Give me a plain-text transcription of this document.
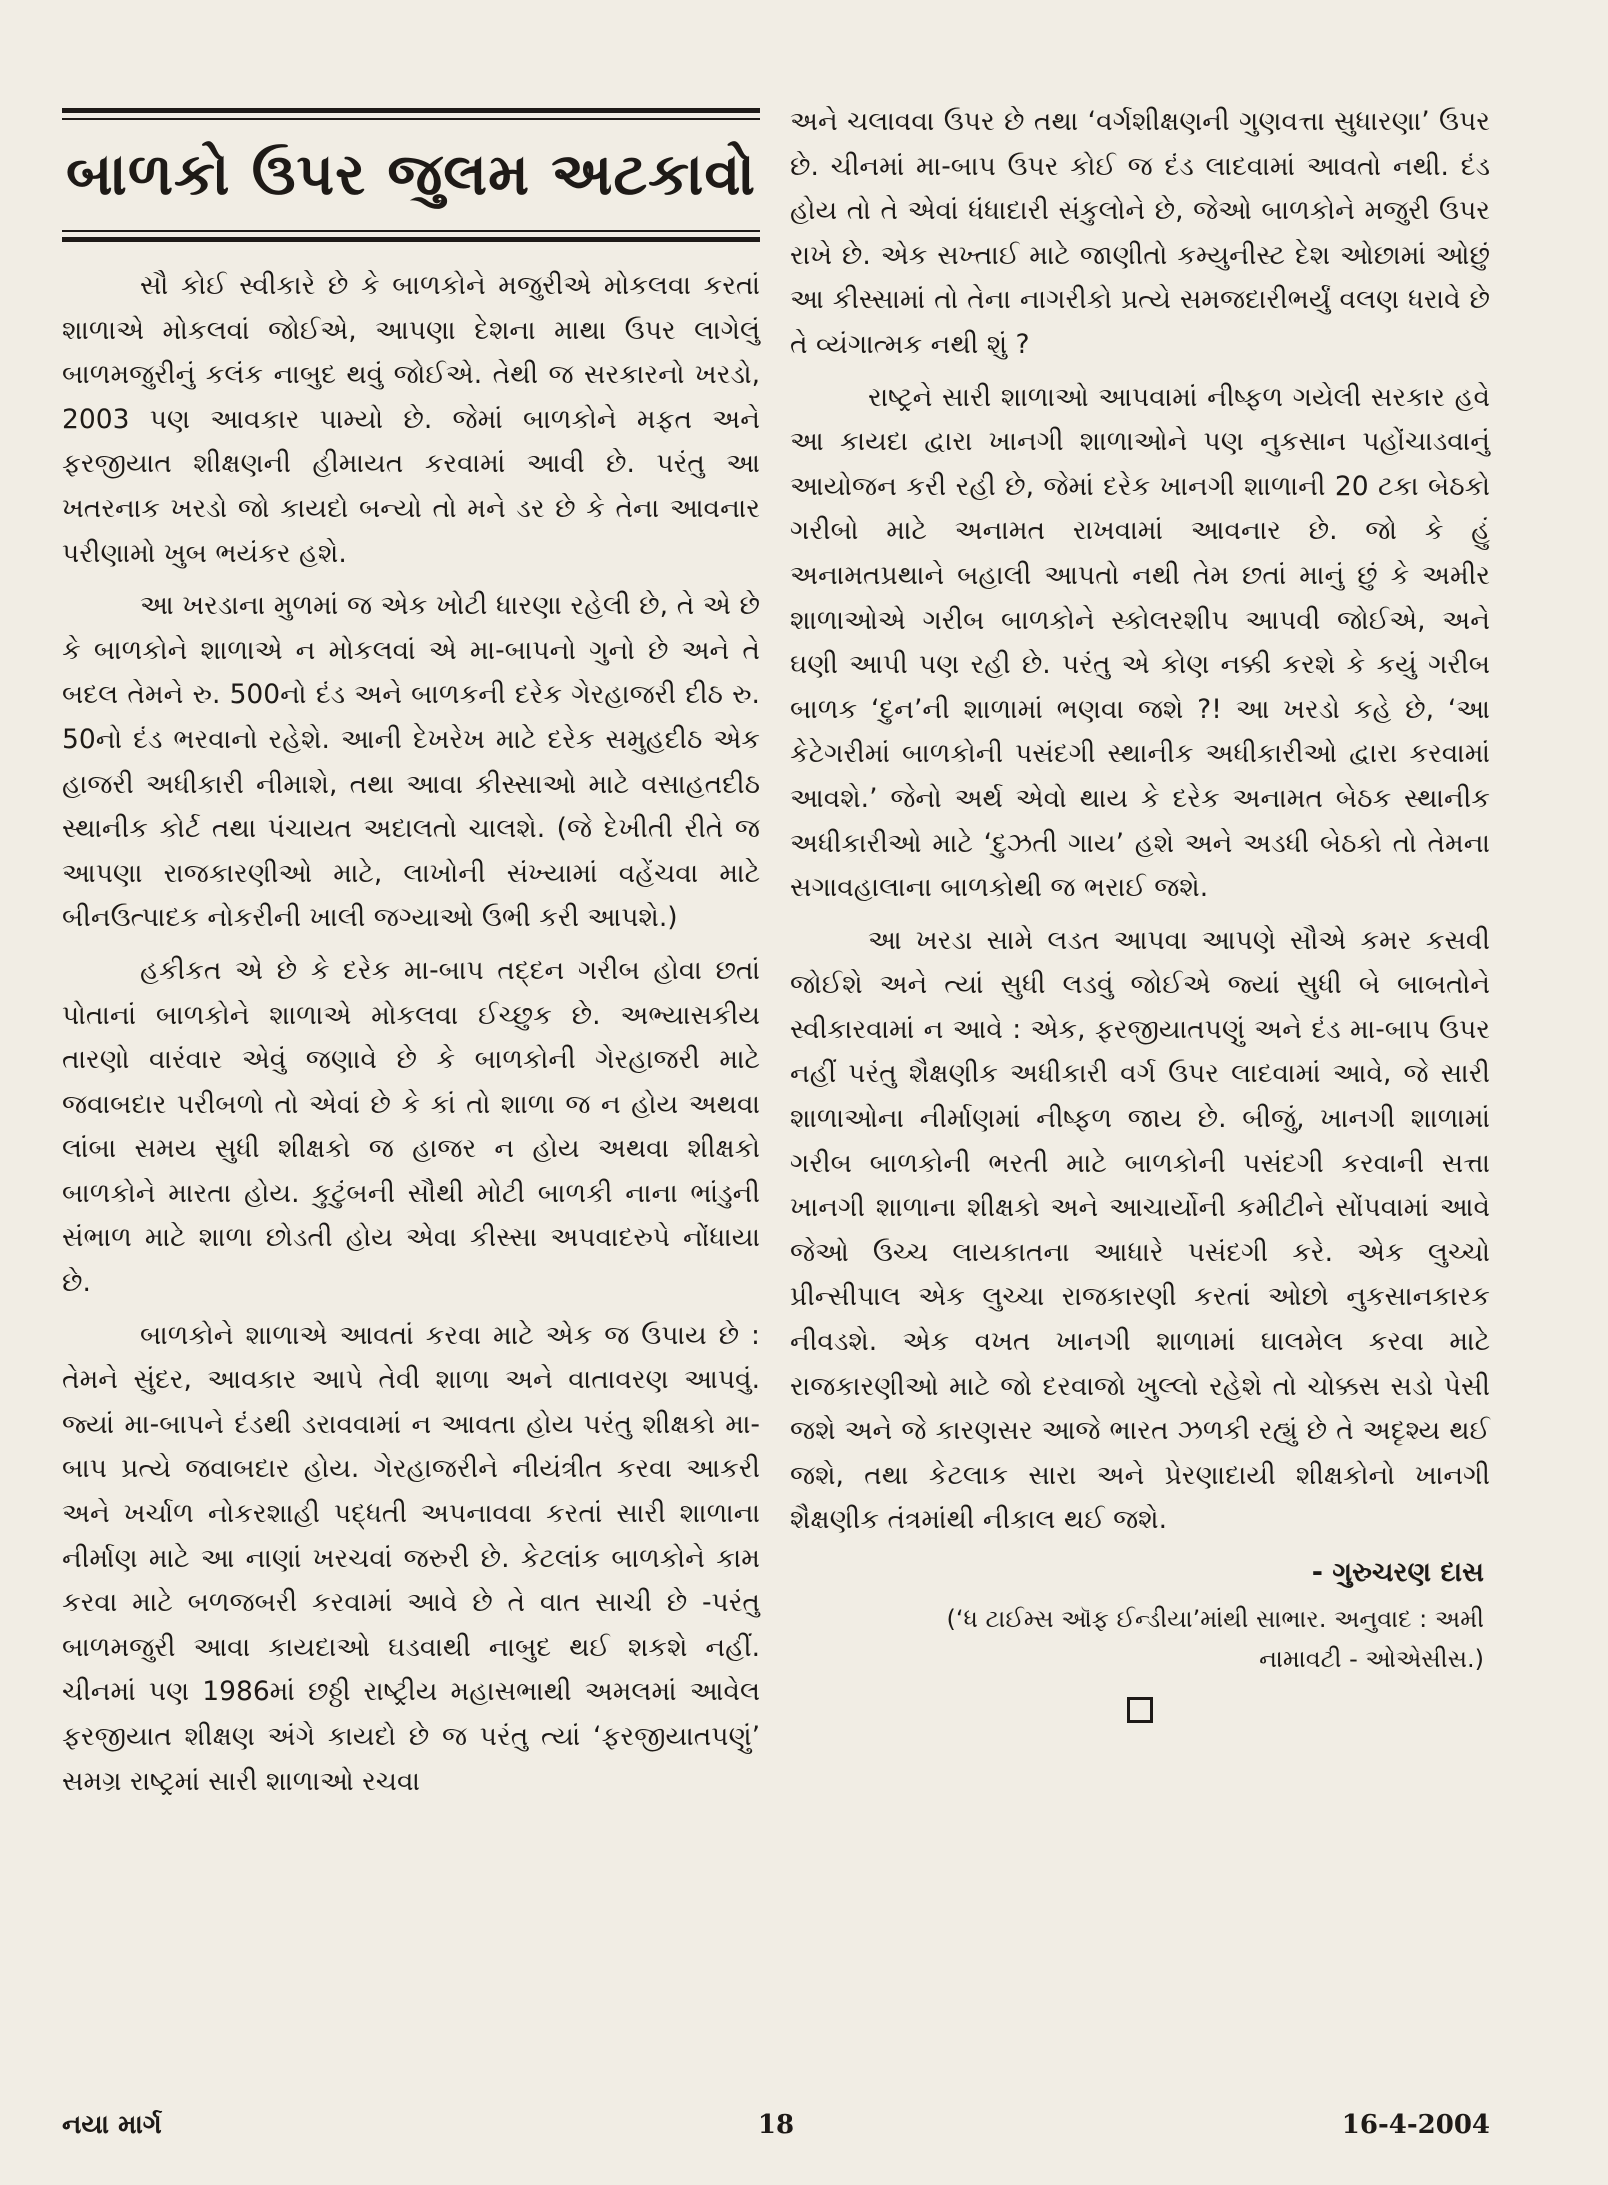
બાળકો ઉપર જુલમ અટકાવો

સૌ કોઈ સ્વીકારે છે કે બાળકોને મજુરીએ મોકલવા કરતાં શાળાએ મોકલવાં જોઈએ, આપણા દેશના માથા ઉપર લાગેલું બાળમજુરીનું કલંક નાબુદ થવું જોઈએ. તેથી જ સરકારનો ખરડો, 2003 પણ આવકાર પામ્યો છે. જેમાં બાળકોને મફત અને ફરજીયાત શીક્ષણની હીમાયત કરવામાં આવી છે. પરંતુ આ ખતરનાક ખરડો જો કાયદો બન્યો તો મને ડર છે કે તેના આવનાર પરીણામો ખુબ ભયંકર હશે.

આ ખરડાના મુળમાં જ એક ખોટી ધારણા રહેલી છે, તે એ છે કે બાળકોને શાળાએ ન મોકલવાં એ મા-બાપનો ગુનો છે અને તે બદલ તેમને રુ. 500નો દંડ અને બાળકની દરેક ગેરહાજરી દીઠ રુ. 50નો દંડ ભરવાનો રહેશે. આની દેખરેખ માટે દરેક સમુહદીઠ એક હાજરી અધીકારી નીમાશે, તથા આવા કીસ્સાઓ માટે વસાહતદીઠ સ્થાનીક કોર્ટ તથા પંચાયત અદાલતો ચાલશે. (જે દેખીતી રીતે જ આપણા રાજકારણીઓ માટે, લાખોની સંખ્યામાં વહેંચવા માટે બીનઉત્પાદક નોકરીની ખાલી જગ્યાઓ ઉભી કરી આપશે.)

હકીકત એ છે કે દરેક મા-બાપ તદ્દન ગરીબ હોવા છતાં પોતાનાં બાળકોને શાળાએ મોકલવા ઈચ્છુક છે. અભ્યાસકીય તારણો વારંવાર એવું જણાવે છે કે બાળકોની ગેરહાજરી માટે જવાબદાર પરીબળો તો એવાં છે કે કાં તો શાળા જ ન હોય અથવા લાંબા સમય સુધી શીક્ષકો જ હાજર ન હોય અથવા શીક્ષકો બાળકોને મારતા હોય. કુટુંબની સૌથી મોટી બાળકી નાના ભાંડુની સંભાળ માટે શાળા છોડતી હોય એવા કીસ્સા અપવાદરુપે નોંધાયા છે.

બાળકોને શાળાએ આવતાં કરવા માટે એક જ ઉપાય છે : તેમને સુંદર, આવકાર આપે તેવી શાળા અને વાતાવરણ આપવું. જ્યાં મા-બાપને દંડથી ડરાવવામાં ન આવતા હોય પરંતુ શીક્ષકો મા-બાપ પ્રત્યે જવાબદાર હોય. ગેરહાજરીને નીયંત્રીત કરવા આકરી અને ખર્ચાળ નોકરશાહી પદ્ધતી અપનાવવા કરતાં સારી શાળાના નીર્માણ માટે આ નાણાં ખરચવાં જરુરી છે. કેટલાંક બાળકોને કામ કરવા માટે બળજબરી કરવામાં આવે છે તે વાત સાચી છે -પરંતુ બાળમજુરી આવા કાયદાઓ ઘડવાથી નાબુદ થઈ શકશે નહીં. ચીનમાં પણ 1986માં છઠ્ઠી રાષ્ટ્રીય મહાસભાથી અમલમાં આવેલ ફરજીયાત શીક્ષણ અંગે કાયદો છે જ પરંતુ ત્યાં ‘ફરજીયાતપણું’ સમગ્ર રાષ્ટ્રમાં સારી શાળાઓ રચવા

અને ચલાવવા ઉપર છે તથા ‘વર્ગશીક્ષણની ગુણવત્તા સુધારણા’ ઉપર છે. ચીનમાં મા-બાપ ઉપર કોઈ જ દંડ લાદવામાં આવતો નથી. દંડ હોય તો તે એવાં ધંધાદારી સંકુલોને છે, જેઓ બાળકોને મજુરી ઉપર રાખે છે. એક સખ્તાઈ માટે જાણીતો કમ્યુનીસ્ટ દેશ ઓછામાં ઓછું આ કીસ્સામાં તો તેના નાગરીકો પ્રત્યે સમજદારીભર્યું વલણ ધરાવે છે તે વ્યંગાત્મક નથી શું ?

રાષ્ટ્રને સારી શાળાઓ આપવામાં નીષ્ફળ ગયેલી સરકાર હવે આ કાયદા દ્વારા ખાનગી શાળાઓને પણ નુકસાન પહોંચાડવાનું આયોજન કરી રહી છે, જેમાં દરેક ખાનગી શાળાની 20 ટકા બેઠકો ગરીબો માટે અનામત રાખવામાં આવનાર છે. જો કે હું અનામતપ્રથાને બહાલી આપતો નથી તેમ છતાં માનું છું કે અમીર શાળાઓએ ગરીબ બાળકોને સ્કોલરશીપ આપવી જોઈએ, અને ઘણી આપી પણ રહી છે. પરંતુ એ કોણ નક્કી કરશે કે કયું ગરીબ બાળક ‘દુન’ની શાળામાં ભણવા જશે ?! આ ખરડો કહે છે, ‘આ કેટેગરીમાં બાળકોની પસંદગી સ્થાનીક અધીકારીઓ દ્વારા કરવામાં આવશે.’ જેનો અર્થ એવો થાય કે દરેક અનામત બેઠક સ્થાનીક અધીકારીઓ માટે ‘દુઝતી ગાય’ હશે અને અડધી બેઠકો તો તેમના સગાવહાલાના બાળકોથી જ ભરાઈ જશે.

આ ખરડા સામે લડત આપવા આપણે સૌએ કમર કસવી જોઈશે અને ત્યાં સુધી લડવું જોઈએ જ્યાં સુધી બે બાબતોને સ્વીકારવામાં ન આવે : એક, ફરજીયાતપણું અને દંડ મા-બાપ ઉપર નહીં પરંતુ શૈક્ષણીક અધીકારી વર્ગ ઉપર લાદવામાં આવે, જે સારી શાળાઓના નીર્માણમાં નીષ્ફળ જાય છે. બીજું, ખાનગી શાળામાં ગરીબ બાળકોની ભરતી માટે બાળકોની પસંદગી કરવાની સત્તા ખાનગી શાળાના શીક્ષકો અને આચાર્યોની કમીટીને સોંપવામાં આવે જેઓ ઉચ્ચ લાયકાતના આધારે પસંદગી કરે. એક લુચ્ચો પ્રીન્સીપાલ એક લુચ્ચા રાજકારણી કરતાં ઓછો નુકસાનકારક નીવડશે. એક વખત ખાનગી શાળામાં ઘાલમેલ કરવા માટે રાજકારણીઓ માટે જો દરવાજો ખુલ્લો રહેશે તો ચોક્કસ સડો પેસી જશે અને જે કારણસર આજે ભારત ઝળકી રહ્યું છે તે અદૃશ્ય થઈ જશે, તથા કેટલાક સારા અને પ્રેરણાદાયી શીક્ષકોનો ખાનગી શૈક્ષણીક તંત્રમાંથી નીકાલ થઈ જશે.

- ગુરુચરણ દાસ
(‘ધ ટાઈમ્સ ઑફ ઈન્ડીયા’માંથી સાભાર. અનુવાદ : અમી
નામાવટી - ઓએસીસ.)
નયા માર્ગ	18	16-4-2004
